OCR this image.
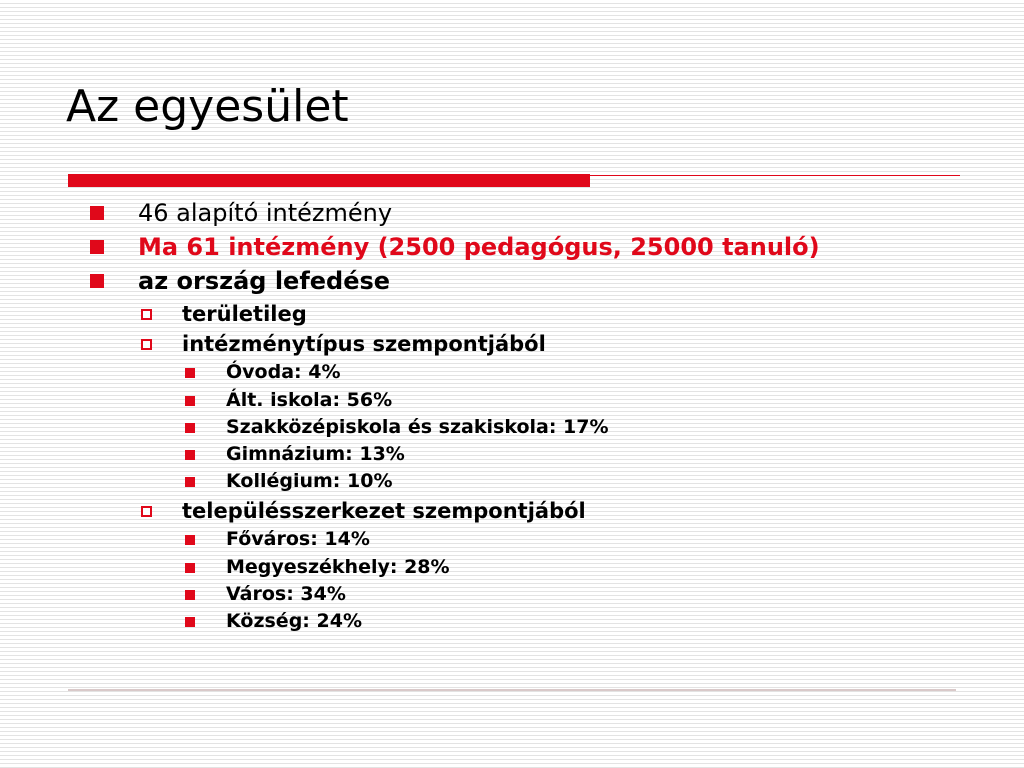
Az egyesület
46 alapító intézmény
Ma 61 intézmény (2500 pedagógus, 25000 tanuló)
az ország lefedése
területileg
intézménytípus szempontjából
Óvoda: 4%
Ált. iskola: 56%
Szakközépiskola és szakiskola: 17%
Gimnázium: 13%
Kollégium: 10%
településszerkezet szempontjából
Főváros: 14%
Megyeszékhely: 28%
Város: 34%
Község: 24%
